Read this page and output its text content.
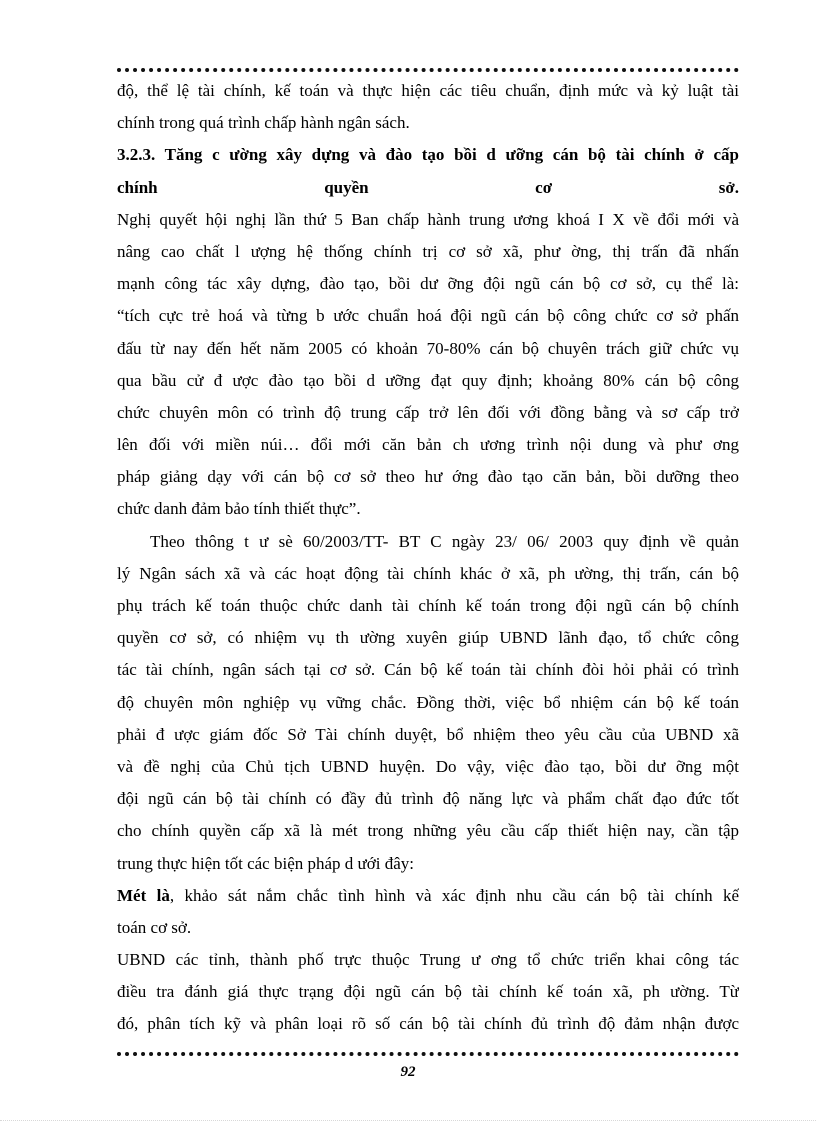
độ, thể lệ tài chính, kế toán và thực hiện các tiêu chuẩn, định mức và kỷ luật tài
chính trong quá trình chấp hành ngân sách.
3.2.3. Tăng c ường xây dựng và đào tạo bồi d ưỡng cán bộ tài chính ở cấp
chính quyền cơ sở.
Nghị quyết hội nghị lần thứ 5 Ban chấp hành trung ương khoá I X về đổi mới và
nâng cao chất l ượng hệ thống chính trị cơ sở xã, phư ờng, thị trấn đã nhấn
mạnh công tác xây dựng, đào tạo, bồi dư ỡng đội ngũ cán bộ cơ sở, cụ thể là:
“tích cực trẻ hoá và từng b ước chuẩn hoá đội ngũ cán bộ công chức cơ sở phấn
đấu từ nay đến hết năm 2005 có khoản 70-80% cán bộ chuyên trách giữ chức vụ
qua bầu cử đ ược đào tạo bồi d ưỡng đạt quy định; khoảng 80% cán bộ công
chức chuyên môn có trình độ trung cấp trở lên đối với đồng bằng và sơ cấp trở
lên đối với miền núi… đổi mới căn bản ch ương trình nội dung và phư ơng
pháp giảng dạy với cán bộ cơ sở theo hư ớng đào tạo căn bản, bồi dưỡng theo
chức danh đảm bảo tính thiết thực”.
Theo thông t ư sè 60/2003/TT- BT C ngày 23/ 06/ 2003 quy định về quản
lý Ngân sách xã và các hoạt động tài chính khác ở xã, ph ường, thị trấn, cán bộ
phụ trách kế toán thuộc chức danh tài chính kế toán trong đội ngũ cán bộ chính
quyền cơ sở, có nhiệm vụ th ường xuyên giúp UBND lãnh đạo, tổ chức công
tác tài chính, ngân sách tại cơ sở. Cán bộ kế toán tài chính đòi hỏi phải có trình
độ chuyên môn nghiệp vụ vững chắc. Đồng thời, việc bổ nhiệm cán bộ kế toán
phải đ ược giám đốc Sở Tài chính duyệt, bổ nhiệm theo yêu cầu của UBND xã
và đề nghị của Chủ tịch UBND huyện. Do vậy, việc đào tạo, bồi dư ỡng một
đội ngũ cán bộ tài chính có đầy đủ trình độ năng lực và phẩm chất đạo đức tốt
cho chính quyền cấp xã là mét trong những yêu cầu cấp thiết hiện nay, cần tập
trung thực hiện tốt các biện pháp d ưới đây:
Mét là, khảo sát nắm chắc tình hình và xác định nhu cầu cán bộ tài chính kế
toán cơ sở.
UBND các tỉnh, thành phố trực thuộc Trung ư ơng tổ chức triển khai công tác
điều tra đánh giá thực trạng đội ngũ cán bộ tài chính kế toán xã, ph ường. Từ
đó, phân tích kỹ và phân loại rõ số cán bộ tài chính đủ trình độ đảm nhận được
92
